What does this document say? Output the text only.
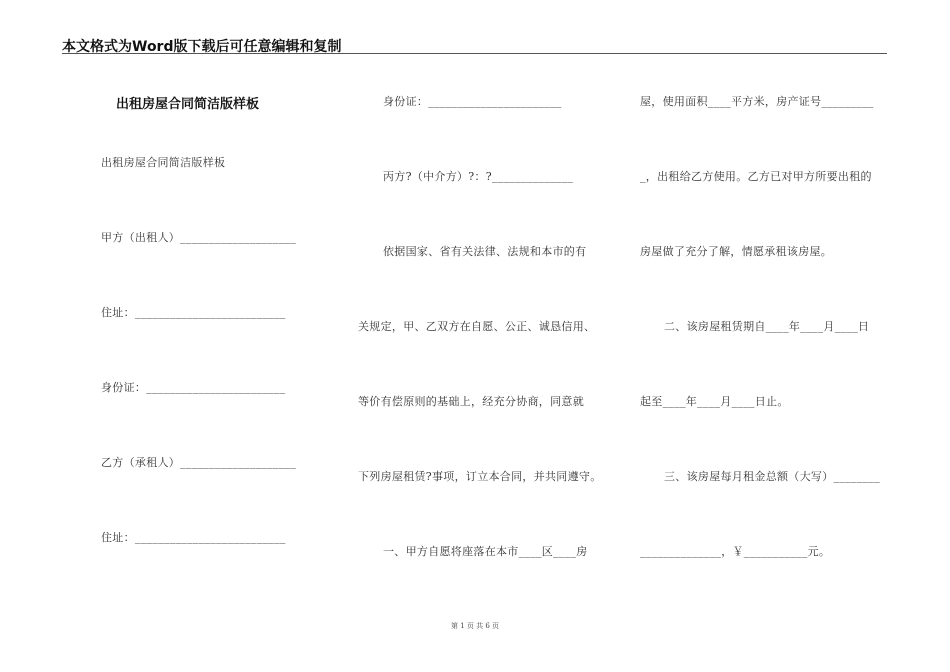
本文格式为Word版下载后可任意编辑和复制
出租房屋合同简洁版样板
出租房屋合同简洁版样板
甲方（出租人）____________________
住址：__________________________
身份证：________________________
乙方（承租人）____________________
住址：__________________________
身份证：_______________________
丙方?（中介方）?：?______________
依据国家、省有关法律、法规和本市的有
关规定，甲、乙双方在自愿、公正、诚恳信用、
等价有偿原则的基础上，经充分协商，同意就
下列房屋租赁?事项，订立本合同，并共同遵守。
一、甲方自愿将座落在本市____区____房
屋，使用面积____平方米，房产证号_________
_，出租给乙方使用。乙方已对甲方所要出租的
房屋做了充分了解，情愿承租该房屋。
二、该房屋租赁期自____年____月____日
起至____年____月____日止。
三、该房屋每月租金总额（大写）________
______________，￥___________元。
第 1 页 共 6 页
